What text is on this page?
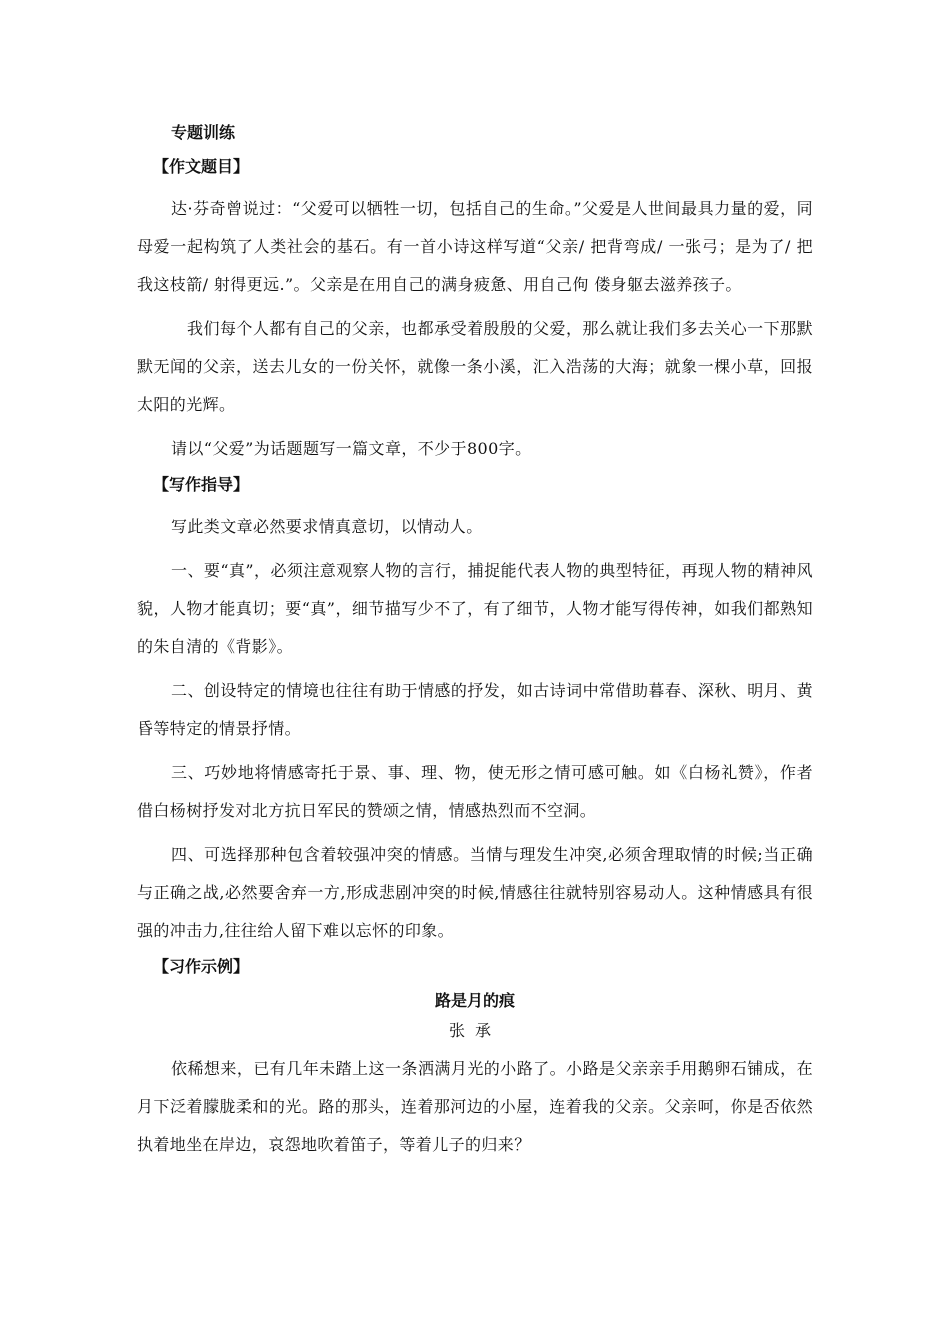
专题训练

【作文题目】

达·芬奇曾说过：“父爱可以牺牲一切，包括自己的生命。”父爱是人世间最具力量的爱，同母爱一起构筑了人类社会的基石。有一首小诗这样写道“父亲/ 把背弯成/ 一张弓；是为了/ 把我这枝箭/ 射得更远.”。父亲是在用自己的满身疲惫、用自己佝 偻身躯去滋养孩子。

我们每个人都有自己的父亲，也都承受着殷殷的父爱，那么就让我们多去关心一下那默默无闻的父亲，送去儿女的一份关怀，就像一条小溪，汇入浩荡的大海；就象一棵小草，回报太阳的光辉。

请以“父爱”为话题题写一篇文章，不少于800字。

【写作指导】

写此类文章必然要求情真意切，以情动人。

一、要“真”，必须注意观察人物的言行，捕捉能代表人物的典型特征，再现人物的精神风貌，人物才能真切；要“真”，细节描写少不了，有了细节，人物才能写得传神，如我们都熟知的朱自清的《背影》。

二、创设特定的情境也往往有助于情感的抒发，如古诗词中常借助暮春、深秋、明月、黄昏等特定的情景抒情。

三、巧妙地将情感寄托于景、事、理、物，使无形之情可感可触。如《白杨礼赞》，作者借白杨树抒发对北方抗日军民的赞颂之情，情感热烈而不空洞。

四、可选择那种包含着较强冲突的情感。当情与理发生冲突,必须舍理取情的时候;当正确与正确之战,必然要舍弃一方,形成悲剧冲突的时候,情感往往就特别容易动人。这种情感具有很强的冲击力,往往给人留下难以忘怀的印象。

【习作示例】

路是月的痕

张承

依稀想来，已有几年未踏上这一条洒满月光的小路了。小路是父亲亲手用鹅卵石铺成，在月下泛着朦胧柔和的光。路的那头，连着那河边的小屋，连着我的父亲。父亲呵，你是否依然执着地坐在岸边，哀怨地吹着笛子，等着儿子的归来？
